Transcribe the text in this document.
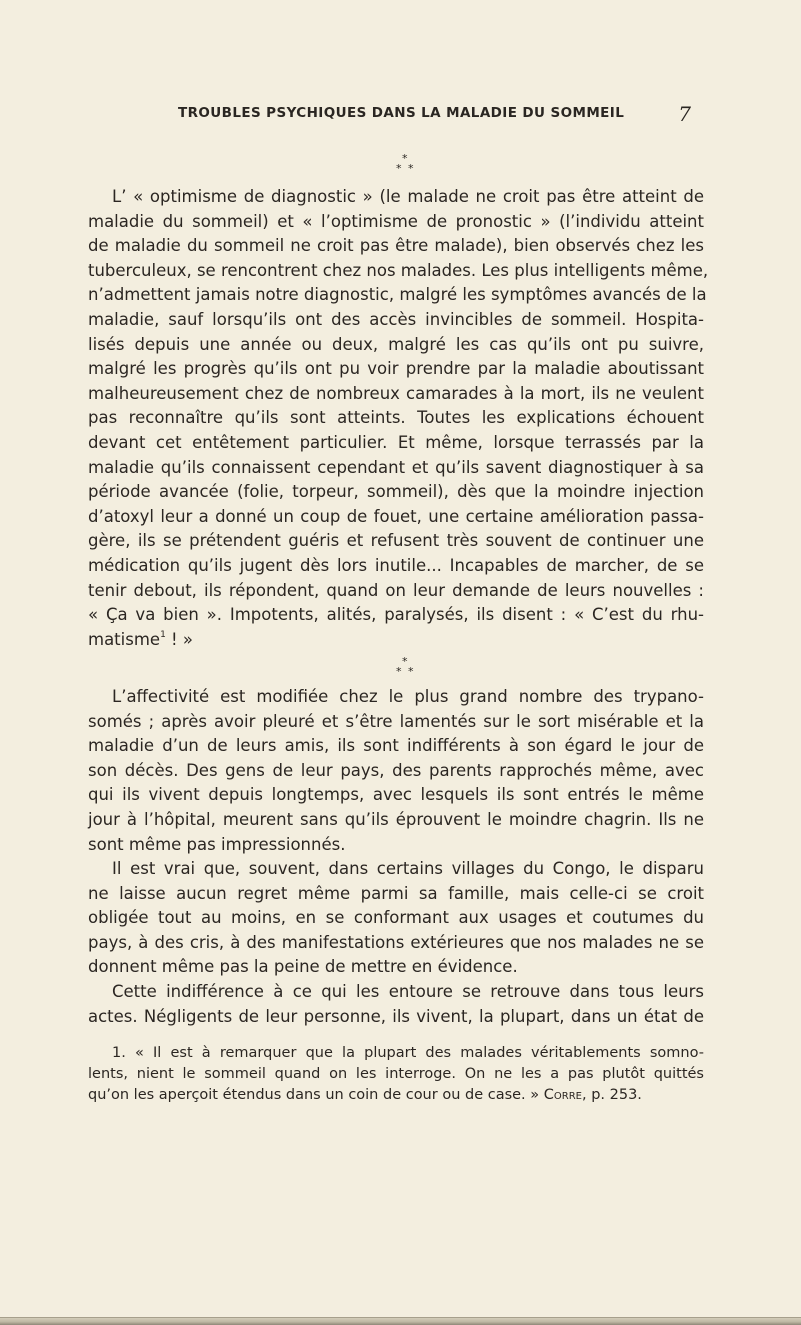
TROUBLES PSYCHIQUES DANS LA MALADIE DU SOMMEIL	7
*
* *
L’ « optimisme de diagnostic » (le malade ne croit pas être atteint de
maladie du sommeil) et « l’optimisme de pronostic » (l’individu atteint
de maladie du sommeil ne croit pas être malade), bien observés chez les
tuberculeux, se rencontrent chez nos malades. Les plus intelligents même,
n’admettent jamais notre diagnostic, malgré les symptômes avancés de la
maladie, sauf lorsqu’ils ont des accès invincibles de sommeil. Hospita-
lisés depuis une année ou deux, malgré les cas qu’ils ont pu suivre,
malgré les progrès qu’ils ont pu voir prendre par la maladie aboutissant
malheureusement chez de nombreux camarades à la mort, ils ne veulent
pas reconnaître qu’ils sont atteints. Toutes les explications échouent
devant cet entêtement particulier. Et même, lorsque terrassés par la
maladie qu’ils connaissent cependant et qu’ils savent diagnostiquer à sa
période avancée (folie, torpeur, sommeil), dès que la moindre injection
d’atoxyl leur a donné un coup de fouet, une certaine amélioration passa-
gère, ils se prétendent guéris et refusent très souvent de continuer une
médication qu’ils jugent dès lors inutile... Incapables de marcher, de se
tenir debout, ils répondent, quand on leur demande de leurs nouvelles :
« Ça va bien ». Impotents, alités, paralysés, ils disent : « C’est du rhu-
matisme$^1$ ! »
*
* *
L’affectivité est modifiée chez le plus grand nombre des trypano-
somés ; après avoir pleuré et s’être lamentés sur le sort misérable et la
maladie d’un de leurs amis, ils sont indifférents à son égard le jour de
son décès. Des gens de leur pays, des parents rapprochés même, avec
qui ils vivent depuis longtemps, avec lesquels ils sont entrés le même
jour à l’hôpital, meurent sans qu’ils éprouvent le moindre chagrin. Ils ne
sont même pas impressionnés.
Il est vrai que, souvent, dans certains villages du Congo, le disparu
ne laisse aucun regret même parmi sa famille, mais celle-ci se croit
obligée tout au moins, en se conformant aux usages et coutumes du
pays, à des cris, à des manifestations extérieures que nos malades ne se
donnent même pas la peine de mettre en évidence.
Cette indifférence à ce qui les entoure se retrouve dans tous leurs
actes. Négligents de leur personne, ils vivent, la plupart, dans un état de
1. « Il est à remarquer que la plupart des malades véritablements somno-
lents, nient le sommeil quand on les interroge. On ne les a pas plutôt quittés
qu’on les aperçoit étendus dans un coin de cour ou de case. » Corre, p. 253.
